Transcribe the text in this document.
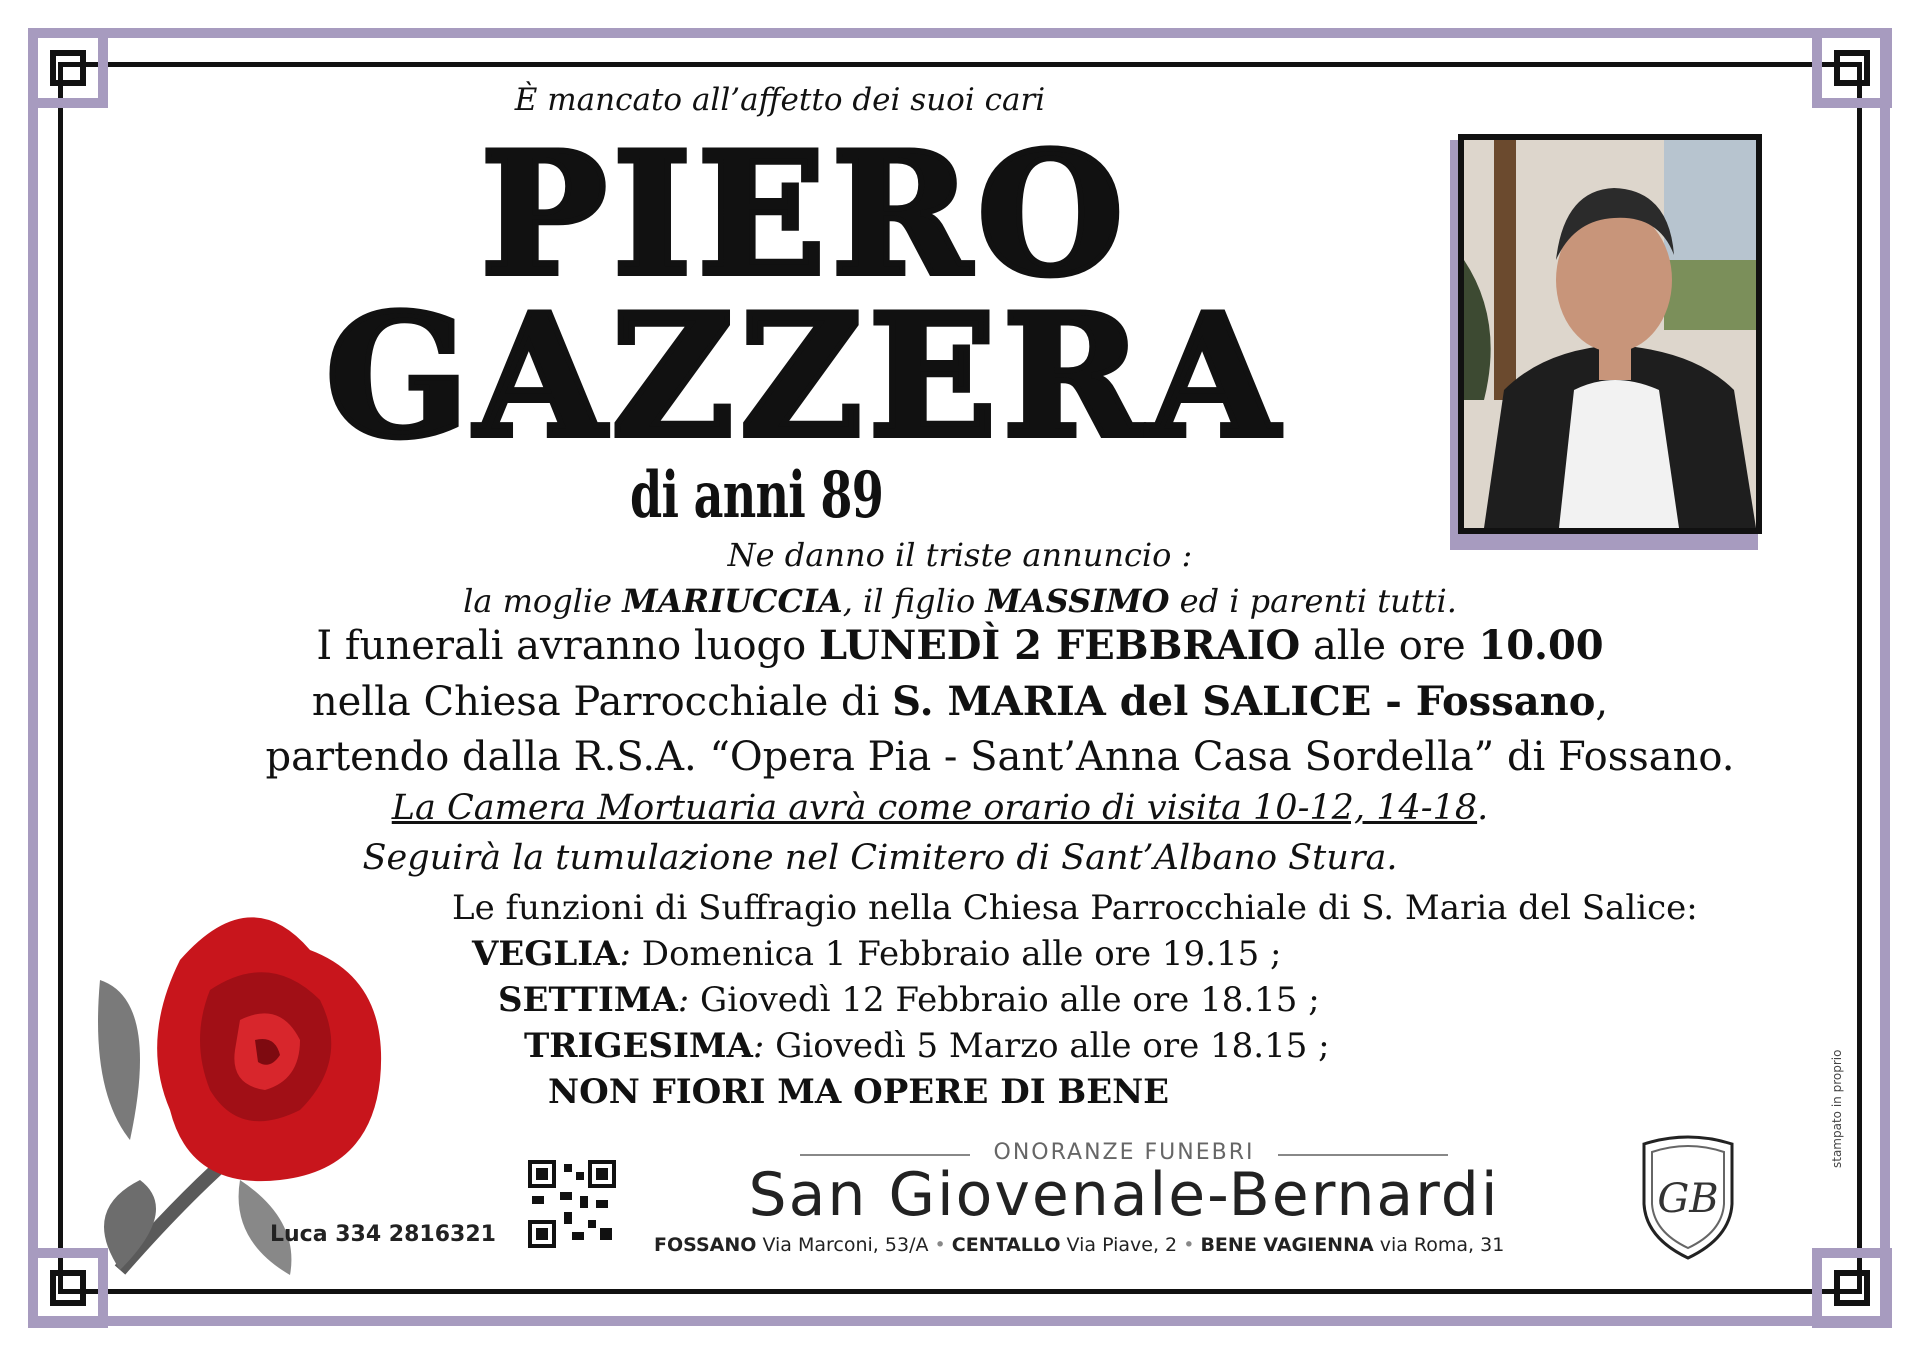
È mancato all’affetto dei suoi cari
PIERO
GAZZERA
di anni 89
Ne danno il triste annuncio :
la moglie MARIUCCIA, il figlio MASSIMO ed i parenti tutti.
I funerali avranno luogo LUNEDÌ 2 FEBBRAIO alle ore 10.00
nella Chiesa Parrocchiale di S. MARIA del SALICE - Fossano,
partendo dalla R.S.A. “Opera Pia - Sant’Anna Casa Sordella” di Fossano.
La Camera Mortuaria avrà come orario di visita 10-12, 14-18.
Seguirà la tumulazione nel Cimitero di Sant’Albano Stura.
Le funzioni di Suffragio nella Chiesa Parrocchiale di S. Maria del Salice:
VEGLIA: Domenica 1 Febbraio alle ore 19.15 ;
SETTIMA: Giovedì 12 Febbraio alle ore 18.15 ;
TRIGESIMA: Giovedì 5 Marzo alle ore 18.15 ;
NON FIORI MA OPERE DI BENE
Luca 334 2816321
ONORANZE FUNEBRI
San Giovenale-Bernardi
FOSSANO Via Marconi, 53/A • CENTALLO Via Piave, 2 • BENE VAGIENNA via Roma, 31
GB
stampato in proprio
